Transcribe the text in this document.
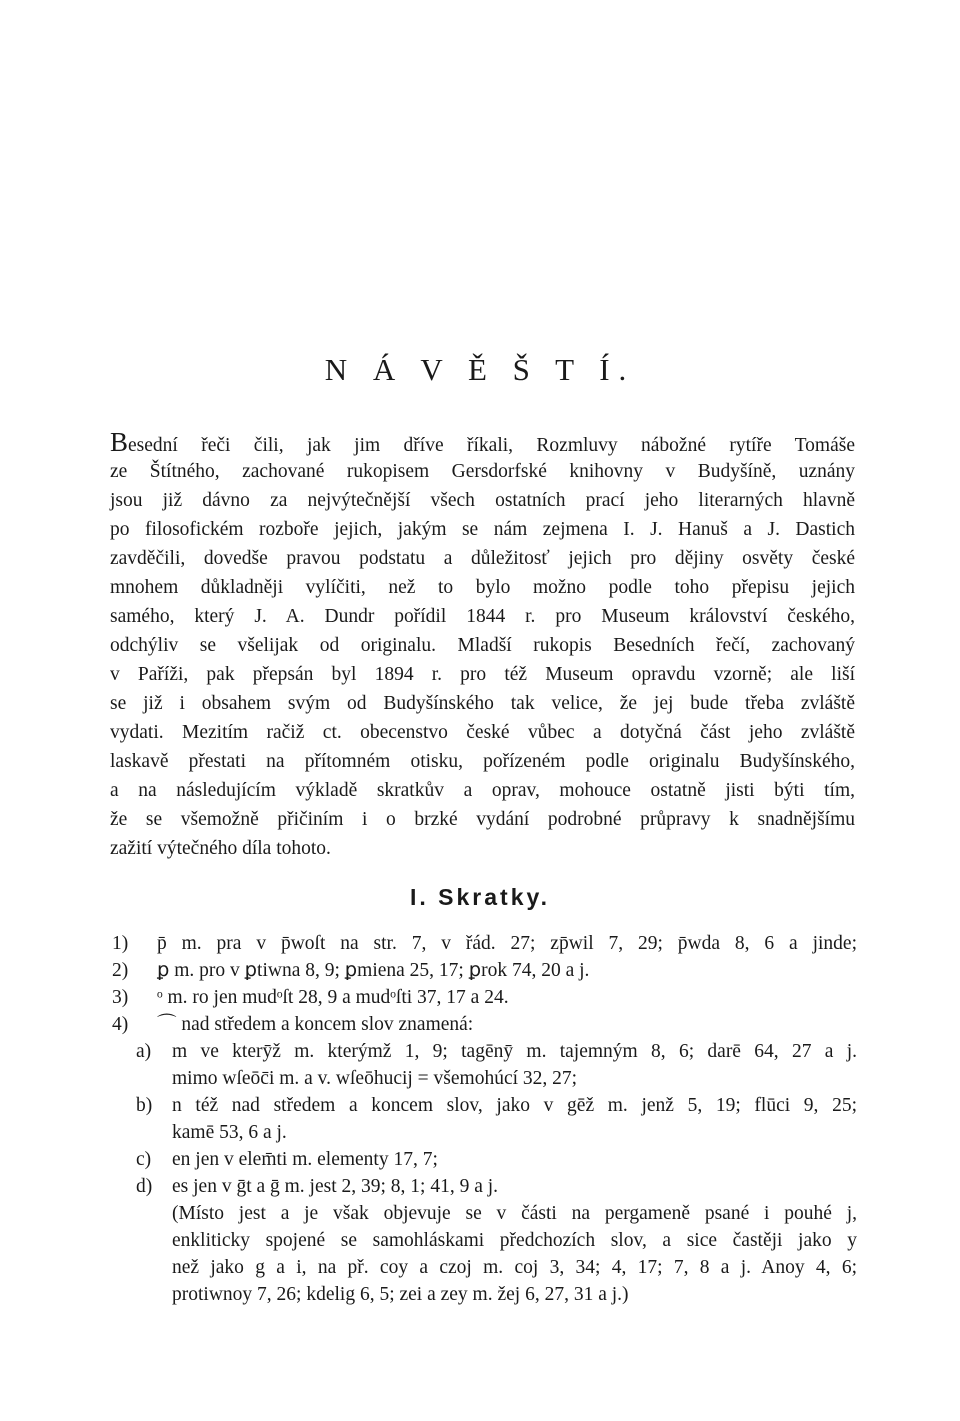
N Á V Ě Š T Í.
Besední řeči čili, jak jim dříve říkali, Rozmluvy nábožné rytíře Tomáše
ze Štítného, zachované rukopisem Gersdorfské knihovny v Budyšíně, uznány
jsou již dávno za nejvýtečnější všech ostatních prací jeho literarných hlavně
po filosofickém rozboře jejich, jakým se nám zejmena I. J. Hanuš a J. Dastich
zavděčili, dovedše pravou podstatu a důležitosť jejich pro dějiny osvěty české
mnohem důkladněji vylíčiti, než to bylo možno podle toho přepisu jejich
samého, který J. A. Dundr pořídil 1844 r. pro Museum království českého,
odchýliv se všelijak od originalu. Mladší rukopis Besedních řečí, zachovaný
v Paříži, pak přepsán byl 1894 r. pro též Museum opravdu vzorně; ale liší
se již i obsahem svým od Budyšínského tak velice, že jej bude třeba zvláště
vydati. Mezitím račiž ct. obecenstvo české vůbec a dotyčná část jeho zvláště
laskavě přestati na přítomném otisku, pořízeném podle originalu Budyšínského,
a na následujícím výkladě skratkův a oprav, mohouce ostatně jisti býti tím,
že se všemožně přičiním i o brzké vydání podrobné průpravy k snadnějšímu
zažití výtečného díla tohoto.
I. Skratky.
1)	p̄ m. pra v p̄woſt na str. 7, v řád. 27; zp̄wil 7, 29; p̄wda 8, 6 a jinde;
2)	ꝑ m. pro v ꝑtiwna 8, 9; ꝑmiena 25, 17; ꝑrok 74, 20 a j.
3)	ᵒ m. ro jen mudᵒſt 28, 9 a mudᵒſti 37, 17 a 24.
4)	⌒ nad středem a koncem slov znamená:
a)	m ve kterȳž m. kterýmž 1, 9; tagēnȳ m. tajemným 8, 6; darē 64, 27 a j.
mimo wſeōc̄i m. a v. wſeōhucij = všemohúcí 32, 27;
b)	n též nad středem a koncem slov, jako v gēž m. jenž 5, 19; flūci 9, 25;
kamē 53, 6 a j.
c)	en jen v elem̄ti m. elementy 17, 7;
d)	es jen v ḡt a ḡ m. jest 2, 39; 8, 1; 41, 9 a j.
(Místo jest a je však objevuje se v části na pergameně psané i pouhé j,
enkliticky spojené se samohláskami předchozích slov, a sice častěji jako y
než jako g a i, na př. coy a czoj m. coj 3, 34; 4, 17; 7, 8 a j. Anoy 4, 6;
protiwnoy 7, 26; kdelig 6, 5; zei a zey m. žej 6, 27, 31 a j.)
